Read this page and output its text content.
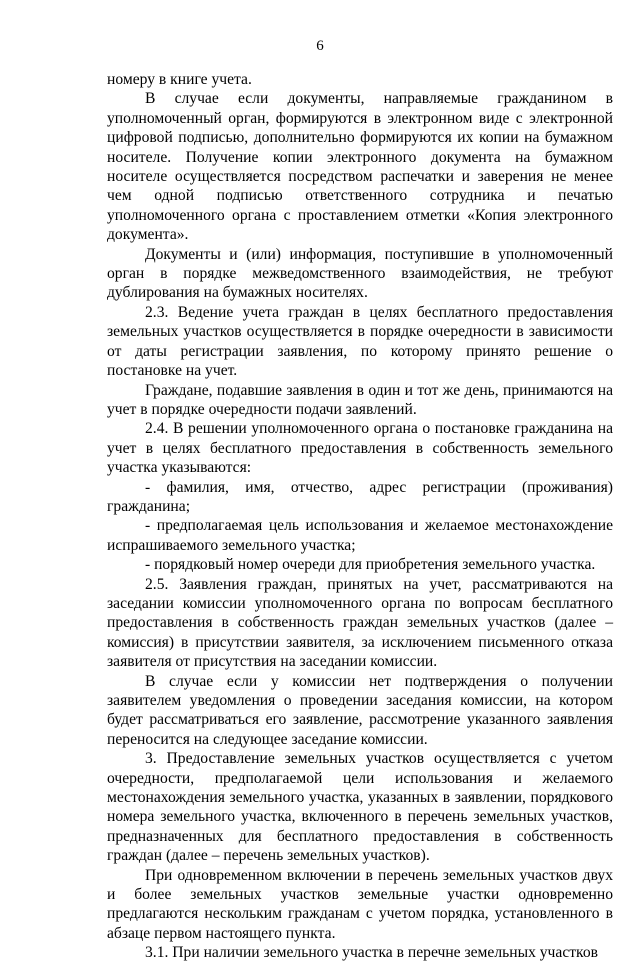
6

номеру в книге учета.

В случае если документы, направляемые гражданином в уполномоченный орган, формируются в электронном виде с электронной цифровой подписью, дополнительно формируются их копии на бумажном носителе. Получение копии электронного документа на бумажном носителе осуществляется посредством распечатки и заверения не менее чем одной подписью ответственного сотрудника и печатью уполномоченного органа с проставлением отметки «Копия электронного документа».

Документы и (или) информация, поступившие в уполномоченный орган в порядке межведомственного взаимодействия, не требуют дублирования на бумажных носителях.

2.3. Ведение учета граждан в целях бесплатного предоставления земельных участков осуществляется в порядке очередности в зависимости от даты регистрации заявления, по которому принято решение о постановке на учет.

Граждане, подавшие заявления в один и тот же день, принимаются на учет в порядке очередности подачи заявлений.

2.4. В решении уполномоченного органа о постановке гражданина на учет в целях бесплатного предоставления в собственность земельного участка указываются:

- фамилия, имя, отчество, адрес регистрации (проживания) гражданина;

- предполагаемая цель использования и желаемое местонахождение испрашиваемого земельного участка;

- порядковый номер очереди для приобретения земельного участка.

2.5. Заявления граждан, принятых на учет, рассматриваются на заседании комиссии уполномоченного органа по вопросам бесплатного предоставления в собственность граждан земельных участков (далее – комиссия) в присутствии заявителя, за исключением письменного отказа заявителя от присутствия на заседании комиссии.

В случае если у комиссии нет подтверждения о получении заявителем уведомления о проведении заседания комиссии, на котором будет рассматриваться его заявление, рассмотрение указанного заявления переносится на следующее заседание комиссии.

3. Предоставление земельных участков осуществляется с учетом очередности, предполагаемой цели использования и желаемого местонахождения земельного участка, указанных в заявлении, порядкового номера земельного участка, включенного в перечень земельных участков, предназначенных для бесплатного предоставления в собственность граждан (далее – перечень земельных участков).

При одновременном включении в перечень земельных участков двух и более земельных участков земельные участки одновременно предлагаются нескольким гражданам с учетом порядка, установленного в абзаце первом настоящего пункта.

3.1. При наличии земельного участка в перечне земельных участков
